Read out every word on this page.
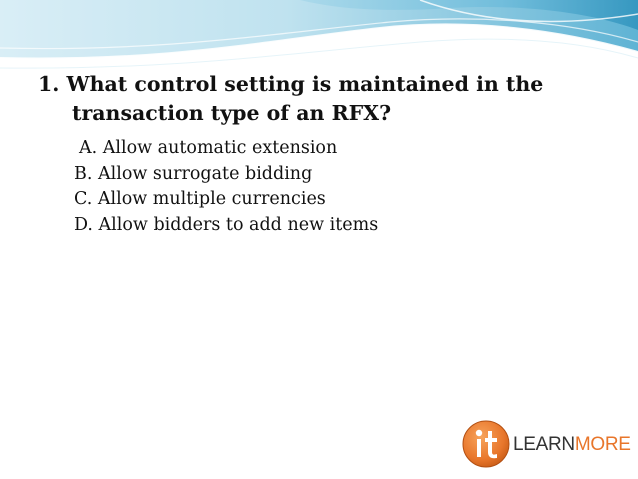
1. What control setting is maintained in the
transaction type of an RFX?

A. Allow automatic extension
B. Allow surrogate bidding
C. Allow multiple currencies
D. Allow bidders to add new items
LEARNMORE
